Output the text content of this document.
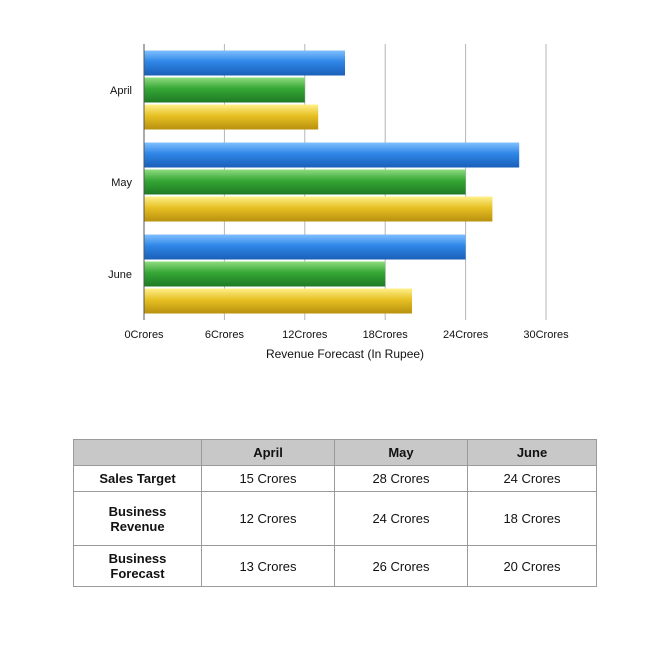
April
May
June
0Crores	6Crores	12Crores	18Crores	24Crores	30Crores
Revenue Forecast (In Rupee)
	April	May	June
Sales Target	15 Crores	28 Crores	24 Crores
Business Revenue	12 Crores	24 Crores	18 Crores
Business Forecast	13 Crores	26 Crores	20 Crores
